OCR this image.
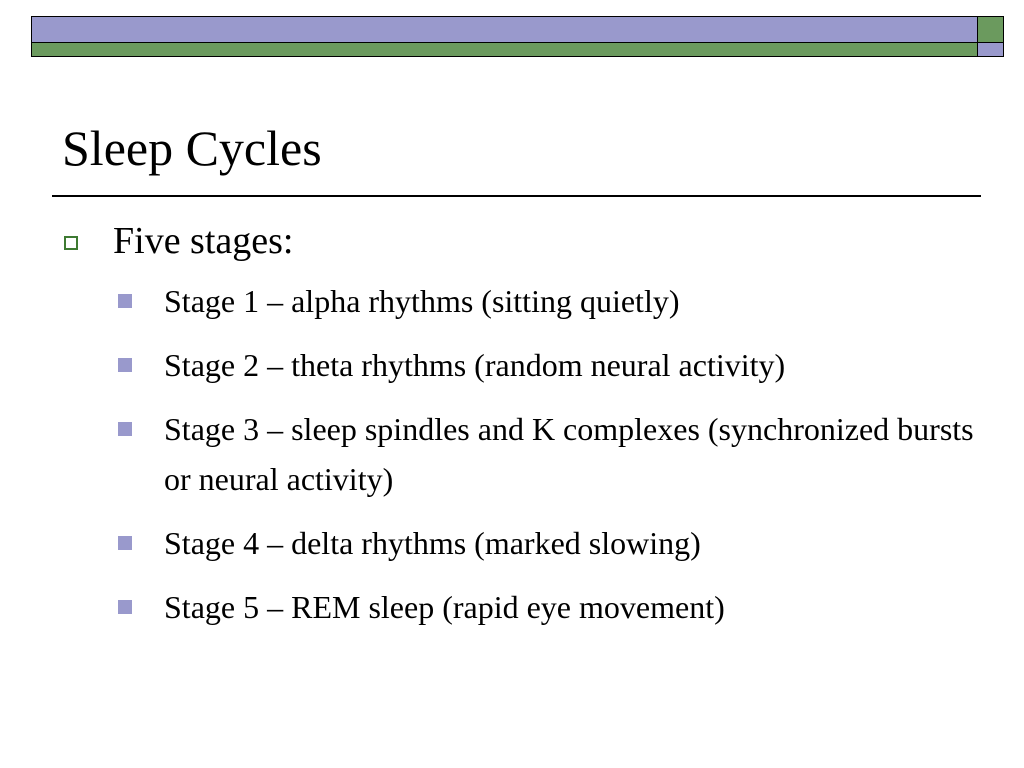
Sleep Cycles
Five stages:
Stage 1 – alpha rhythms (sitting quietly)
Stage 2 – theta rhythms (random neural activity)
Stage 3 – sleep spindles and K complexes (synchronized bursts or neural activity)
Stage 4 – delta rhythms (marked slowing)
Stage 5 – REM sleep (rapid eye movement)
